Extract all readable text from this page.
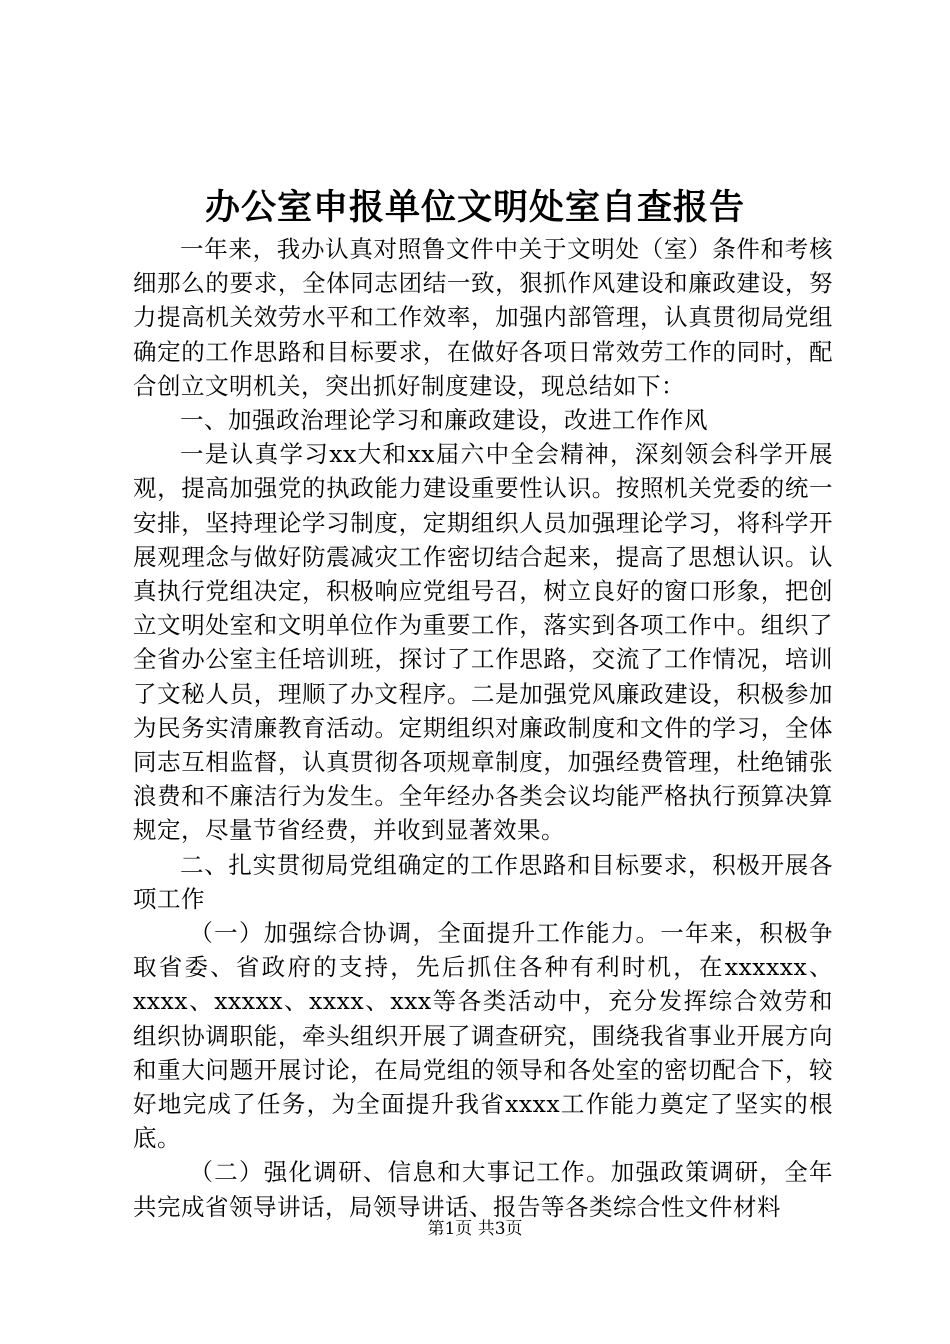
办公室申报单位文明处室自查报告

一年来，我办认真对照鲁文件中关于文明处（室）条件和考核细那么的要求，全体同志团结一致，狠抓作风建设和廉政建设，努力提高机关效劳水平和工作效率，加强内部管理，认真贯彻局党组确定的工作思路和目标要求，在做好各项日常效劳工作的同时，配合创立文明机关，突出抓好制度建设，现总结如下：

一、加强政治理论学习和廉政建设，改进工作作风

一是认真学习xx大和xx届六中全会精神，深刻领会科学开展观，提高加强党的执政能力建设重要性认识。按照机关党委的统一安排，坚持理论学习制度，定期组织人员加强理论学习，将科学开展观理念与做好防震减灾工作密切结合起来，提高了思想认识。认真执行党组决定，积极响应党组号召，树立良好的窗口形象，把创立文明处室和文明单位作为重要工作，落实到各项工作中。组织了全省办公室主任培训班，探讨了工作思路，交流了工作情况，培训了文秘人员，理顺了办文程序。二是加强党风廉政建设，积极参加为民务实清廉教育活动。定期组织对廉政制度和文件的学习，全体同志互相监督，认真贯彻各项规章制度，加强经费管理，杜绝铺张浪费和不廉洁行为发生。全年经办各类会议均能严格执行预算决算规定，尽量节省经费，并收到显著效果。

二、扎实贯彻局党组确定的工作思路和目标要求，积极开展各项工作

（一）加强综合协调，全面提升工作能力。一年来，积极争取省委、省政府的支持，先后抓住各种有利时机，在xxxxxx、xxxx、xxxxx、xxxx、xxx等各类活动中，充分发挥综合效劳和组织协调职能，牵头组织开展了调查研究，围绕我省事业开展方向和重大问题开展讨论，在局党组的领导和各处室的密切配合下，较好地完成了任务，为全面提升我省xxxx工作能力奠定了坚实的根底。

（二）强化调研、信息和大事记工作。加强政策调研，全年共完成省领导讲话，局领导讲话、报告等各类综合性文件材料

第1页 共3页
